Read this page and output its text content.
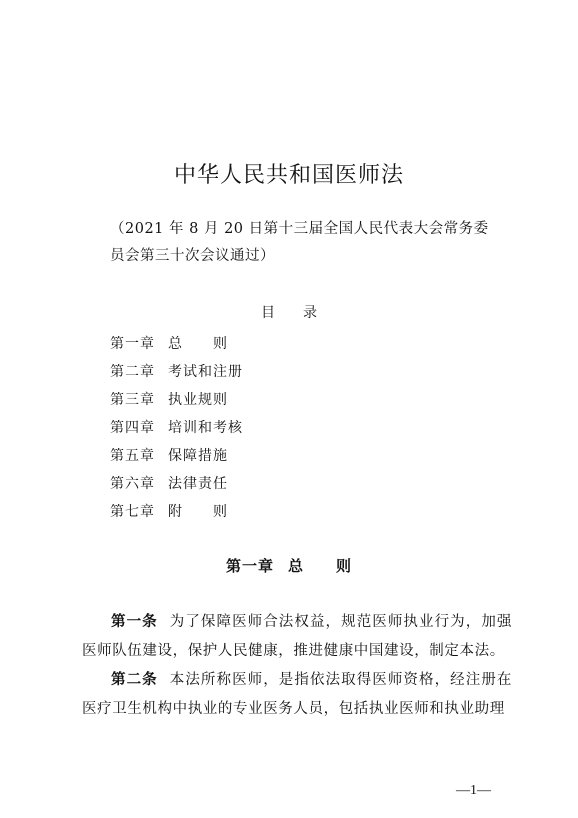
中华人民共和国医师法
（2021 年 8 月 20 日第十三届全国人民代表大会常务委
员会第三十次会议通过）
目 录
第一章 总　　则
第二章 考试和注册
第三章 执业规则
第四章 培训和考核
第五章 保障措施
第六章 法律责任
第七章 附　　则
第一章 总　　则

第一条 为了保障医师合法权益，规范医师执业行为，加强医师队伍建设，保护人民健康，推进健康中国建设，制定本法。

第二条 本法所称医师，是指依法取得医师资格，经注册在医疗卫生机构中执业的专业医务人员，包括执业医师和执业助理

—1—
